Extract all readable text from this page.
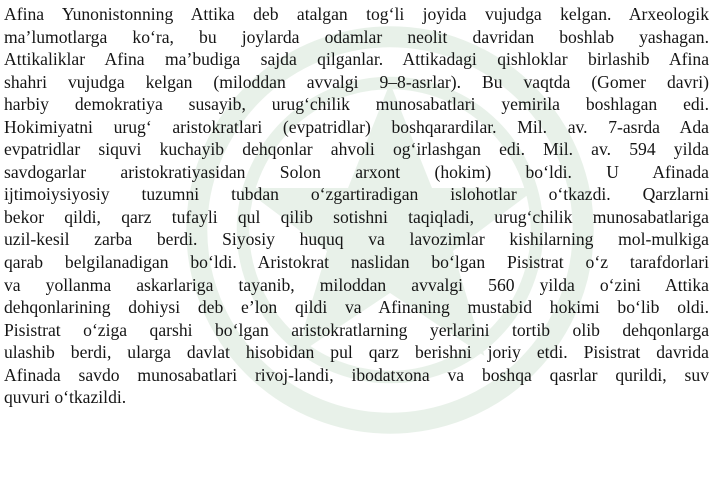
Afina Yunonistonning Attika deb atalgan tog‘li joyida vujudga kelgan. Arxeologik
ma’lumotlarga ko‘ra, bu joylarda odamlar neolit davridan boshlab yashagan.
Attikaliklar Afina ma’budiga sajda qilganlar. Attikadagi qishloklar birlashib Afina
shahri vujudga kelgan (miloddan avvalgi 9–8-asrlar). Bu vaqtda (Gomer davri)
harbiy demokratiya susayib, urug‘chilik munosabatlari yemirila boshlagan edi.
Hokimiyatni urug‘ aristokratlari (evpatridlar) boshqarardilar. Mil. av. 7-asrda Ada
evpatridlar siquvi kuchayib dehqonlar ahvoli og‘irlashgan edi. Mil. av. 594 yilda
savdogarlar aristokratiyasidan Solon arxont (hokim) bo‘ldi. U Afinada
ijtimoiysiyosiy tuzumni tubdan o‘zgartiradigan islohotlar o‘tkazdi. Qarzlarni
bekor qildi, qarz tufayli qul qilib sotishni taqiqladi, urug‘chilik munosabatlariga
uzil-kesil zarba berdi. Siyosiy huquq va lavozimlar kishilarning mol-mulkiga
qarab belgilanadigan bo‘ldi. Aristokrat naslidan bo‘lgan Pisistrat o‘z tarafdorlari
va yollanma askarlariga tayanib, miloddan avvalgi 560 yilda o‘zini Attika
dehqonlarining dohiysi deb e’lon qildi va Afinaning mustabid hokimi bo‘lib oldi.
Pisistrat o‘ziga qarshi bo‘lgan aristokratlarning yerlarini tortib olib dehqonlarga
ulashib berdi, ularga davlat hisobidan pul qarz berishni joriy etdi. Pisistrat davrida
Afinada savdo munosabatlari rivoj-landi, ibodatxona va boshqa qasrlar qurildi, suv
quvuri o‘tkazildi.
